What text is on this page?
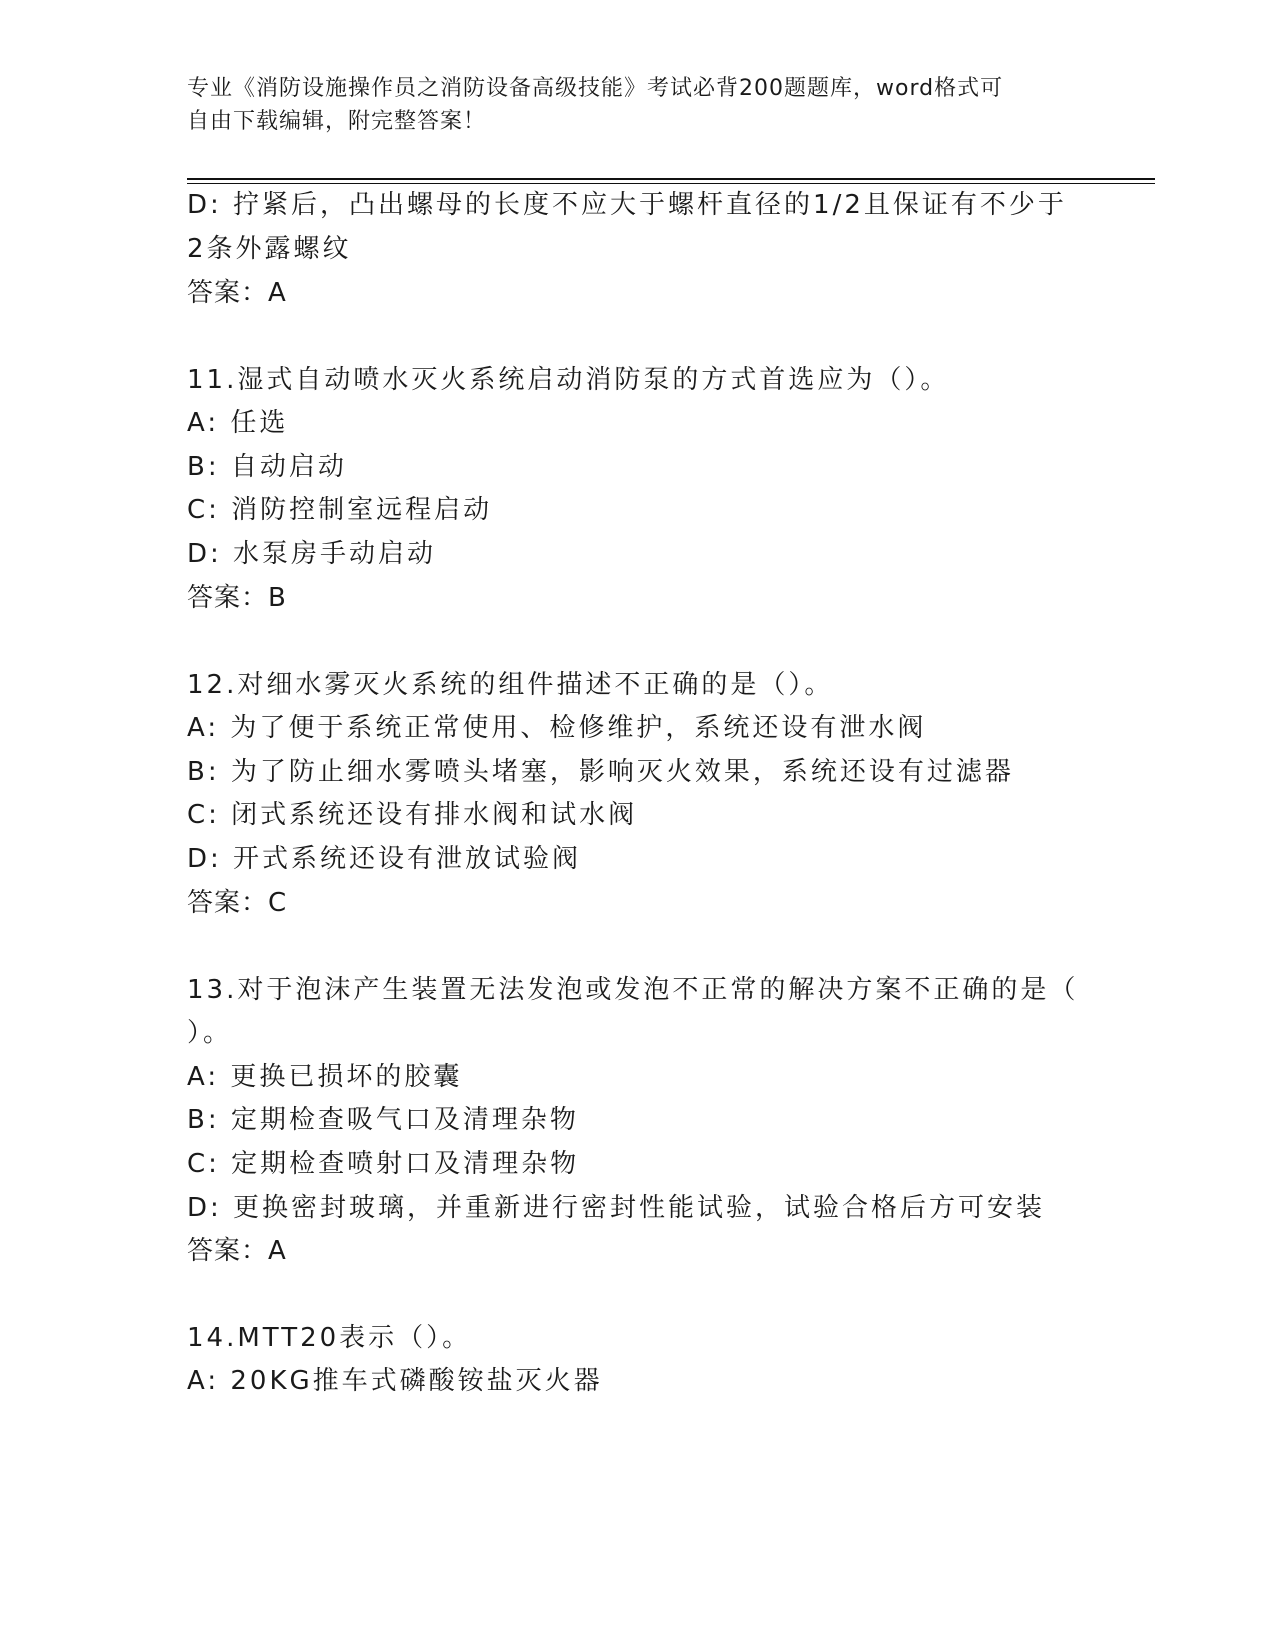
专业《消防设施操作员之消防设备高级技能》考试必背200题题库，word格式可
自由下载编辑，附完整答案！
D: 拧紧后，凸出螺母的长度不应大于螺杆直径的1/2且保证有不少于
2条外露螺纹
答案：A
11.湿式自动喷水灭火系统启动消防泵的方式首选应为（）。
A: 任选
B: 自动启动
C: 消防控制室远程启动
D: 水泵房手动启动
答案：B
12.对细水雾灭火系统的组件描述不正确的是（）。
A: 为了便于系统正常使用、检修维护，系统还设有泄水阀
B: 为了防止细水雾喷头堵塞，影响灭火效果，系统还设有过滤器
C: 闭式系统还设有排水阀和试水阀
D: 开式系统还设有泄放试验阀
答案：C
13.对于泡沫产生装置无法发泡或发泡不正常的解决方案不正确的是（
）。
A: 更换已损坏的胶囊
B: 定期检查吸气口及清理杂物
C: 定期检查喷射口及清理杂物
D: 更换密封玻璃，并重新进行密封性能试验，试验合格后方可安装
答案：A
14.MTT20表示（）。
A: 20KG推车式磷酸铵盐灭火器
